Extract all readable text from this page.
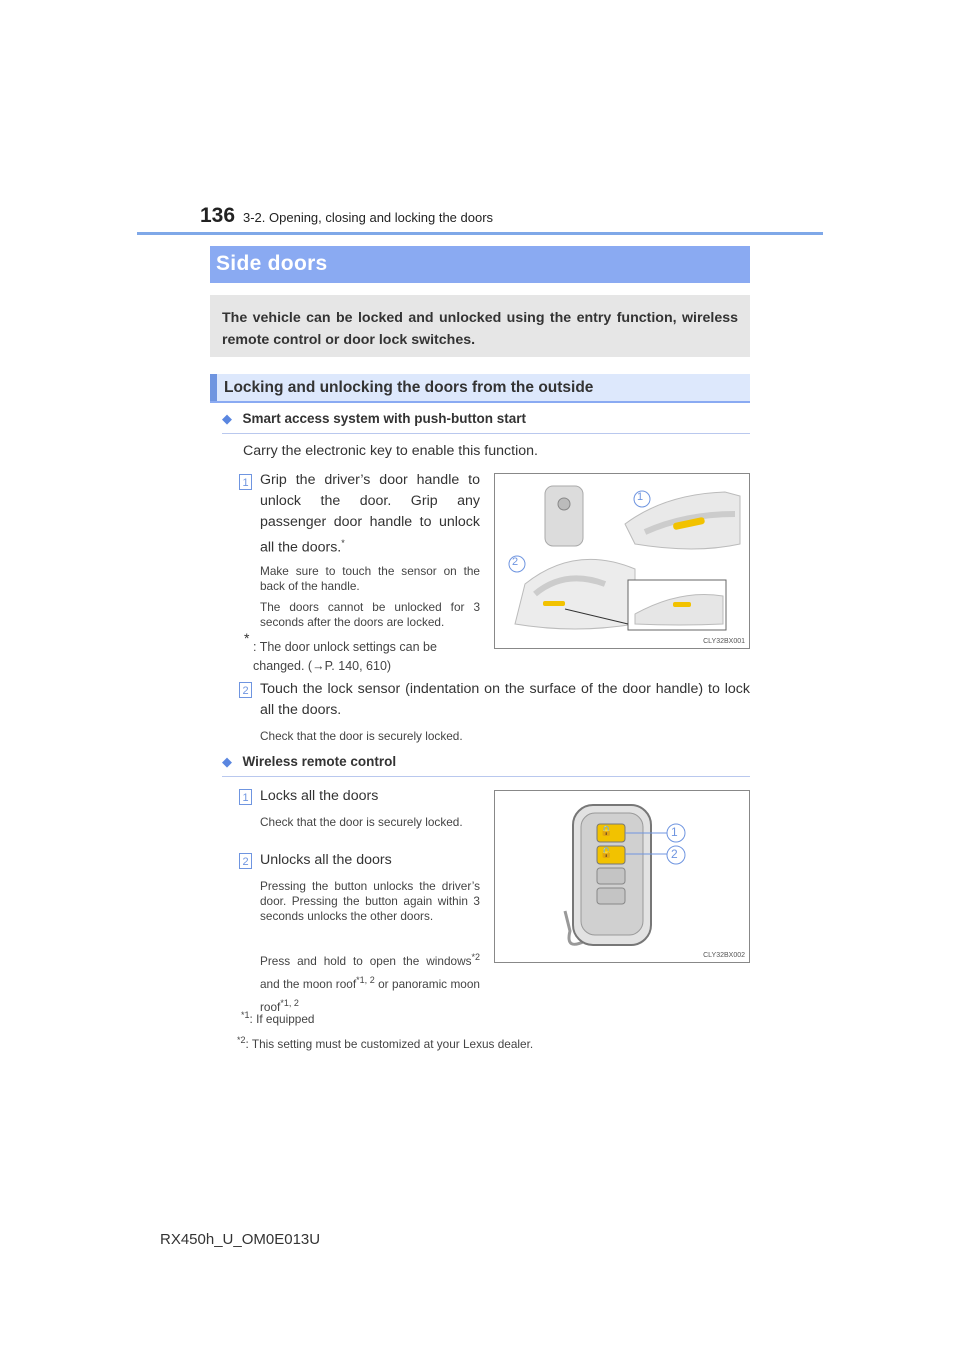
136 3-2. Opening, closing and locking the doors
Side doors
The vehicle can be locked and unlocked using the entry function, wireless remote control or door lock switches.
Locking and unlocking the doors from the outside
◆ Smart access system with push-button start
Carry the electronic key to enable this function.
1 Grip the driver’s door handle to unlock the door. Grip any passenger door handle to unlock all the doors.*
Make sure to touch the sensor on the back of the handle.
The doors cannot be unlocked for 3 seconds after the doors are locked.
*
: The door unlock settings can be changed. (→P. 140, 610)
1
2
CLY32BX001
2 Touch the lock sensor (indentation on the surface of the door handle) to lock all the doors.
Check that the door is securely locked.
◆ Wireless remote control
1 Locks all the doors
Check that the door is securely locked.
2 Unlocks all the doors
Pressing the button unlocks the driver’s door. Pressing the button again within 3 seconds unlocks the other doors.
Press and hold to open the windows$^{*2}$ and the moon roof$^{*1, 2}$ or panoramic moon roof$^{*1, 2}$
🔒
🔓
1
2
CLY32BX002
$^{*1}$: If equipped
$^{*2}$: This setting must be customized at your Lexus dealer.
RX450h_U_OM0E013U
